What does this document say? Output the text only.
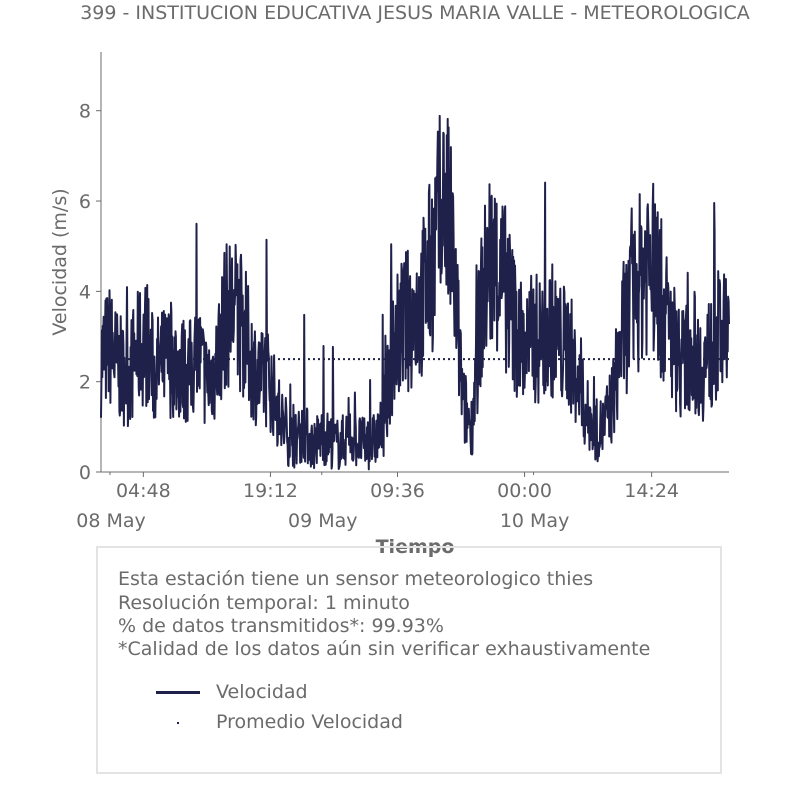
399 - INSTITUCION EDUCATIVA JESUS MARIA VALLE - METEOROLOGICA
0
2
4
6
8
04:48	19:12	09:36	00:00	14:24
08 May	09 May	10 May
Velocidad (m/s)
Tiempo
Esta estación tiene un sensor meteorologico thies
Resolución temporal: 1 minuto
% de datos transmitidos*: 99.93%
*Calidad de los datos aún sin verificar exhaustivamente
Velocidad
Promedio Velocidad
